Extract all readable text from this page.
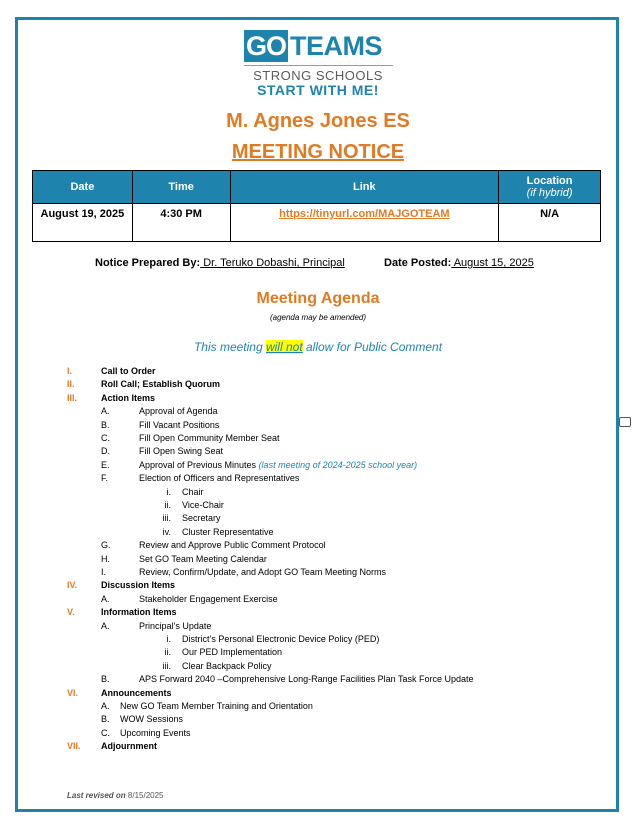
GO TEAMS
STRONG SCHOOLS
START WITH ME!
M. Agnes Jones ES
MEETING NOTICE
Date	Time	Link	Location
(if hybrid)

August 19, 2025	4:30 PM	https://tinyurl.com/MAJGOTEAM	N/A
Notice Prepared By: Dr. Teruko Dobashi, Principal	Date Posted: August 15, 2025
Meeting Agenda
(agenda may be amended)
This meeting will not allow for Public Comment
I.	Call to Order
II.	Roll Call; Establish Quorum
III.	Action Items
A.	Approval of Agenda
B.	Fill Vacant Positions
C.	Fill Open Community Member Seat
D.	Fill Open Swing Seat
E.	Approval of Previous Minutes (last meeting of 2024-2025 school year)
F.	Election of Officers and Representatives
i. Chair
ii. Vice-Chair
iii. Secretary
iv. Cluster Representative
G.	Review and Approve Public Comment Protocol
H.	Set GO Team Meeting Calendar
I.	Review, Confirm/Update, and Adopt GO Team Meeting Norms
IV.	Discussion Items
A.	Stakeholder Engagement Exercise
V.	Information Items
A.	Principal’s Update
i. District’s Personal Electronic Device Policy (PED)
ii. Our PED Implementation
iii. Clear Backpack Policy
B.	APS Forward 2040 –Comprehensive Long-Range Facilities Plan Task Force Update
VI.	Announcements
A. New GO Team Member Training and Orientation
B. WOW Sessions
C. Upcoming Events
VII. Adjournment
Last revised on 8/15/2025
